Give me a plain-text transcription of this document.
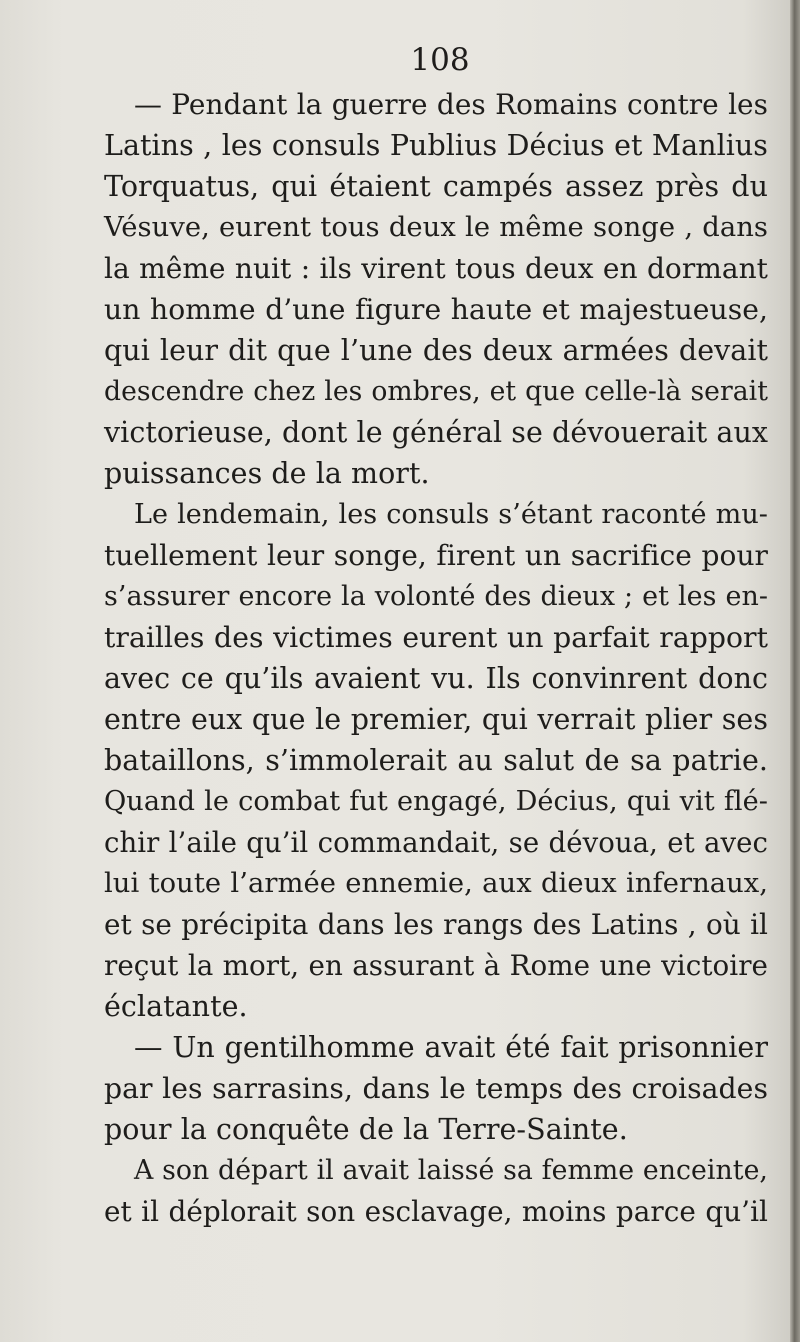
108
— Pendant la guerre des Romains contre les
Latins , les consuls Publius Décius et Manlius
Torquatus, qui étaient campés assez près du
Vésuve, eurent tous deux le même songe , dans
la même nuit : ils virent tous deux en dormant
un homme d’une figure haute et majestueuse,
qui leur dit que l’une des deux armées devait
descendre chez les ombres, et que celle-là serait
victorieuse, dont le général se dévouerait aux
puissances de la mort.
Le lendemain, les consuls s’étant raconté mu-
tuellement leur songe, firent un sacrifice pour
s’assurer encore la volonté des dieux ; et les en-
trailles des victimes eurent un parfait rapport
avec ce qu’ils avaient vu. Ils convinrent donc
entre eux que le premier, qui verrait plier ses
bataillons, s’immolerait au salut de sa patrie.
Quand le combat fut engagé, Décius, qui vit flé-
chir l’aile qu’il commandait, se dévoua, et avec
lui toute l’armée ennemie, aux dieux infernaux,
et se précipita dans les rangs des Latins , où il
reçut la mort, en assurant à Rome une victoire
éclatante.
— Un gentilhomme avait été fait prisonnier
par les sarrasins, dans le temps des croisades
pour la conquête de la Terre-Sainte.
A son départ il avait laissé sa femme enceinte,
et il déplorait son esclavage, moins parce qu’il
